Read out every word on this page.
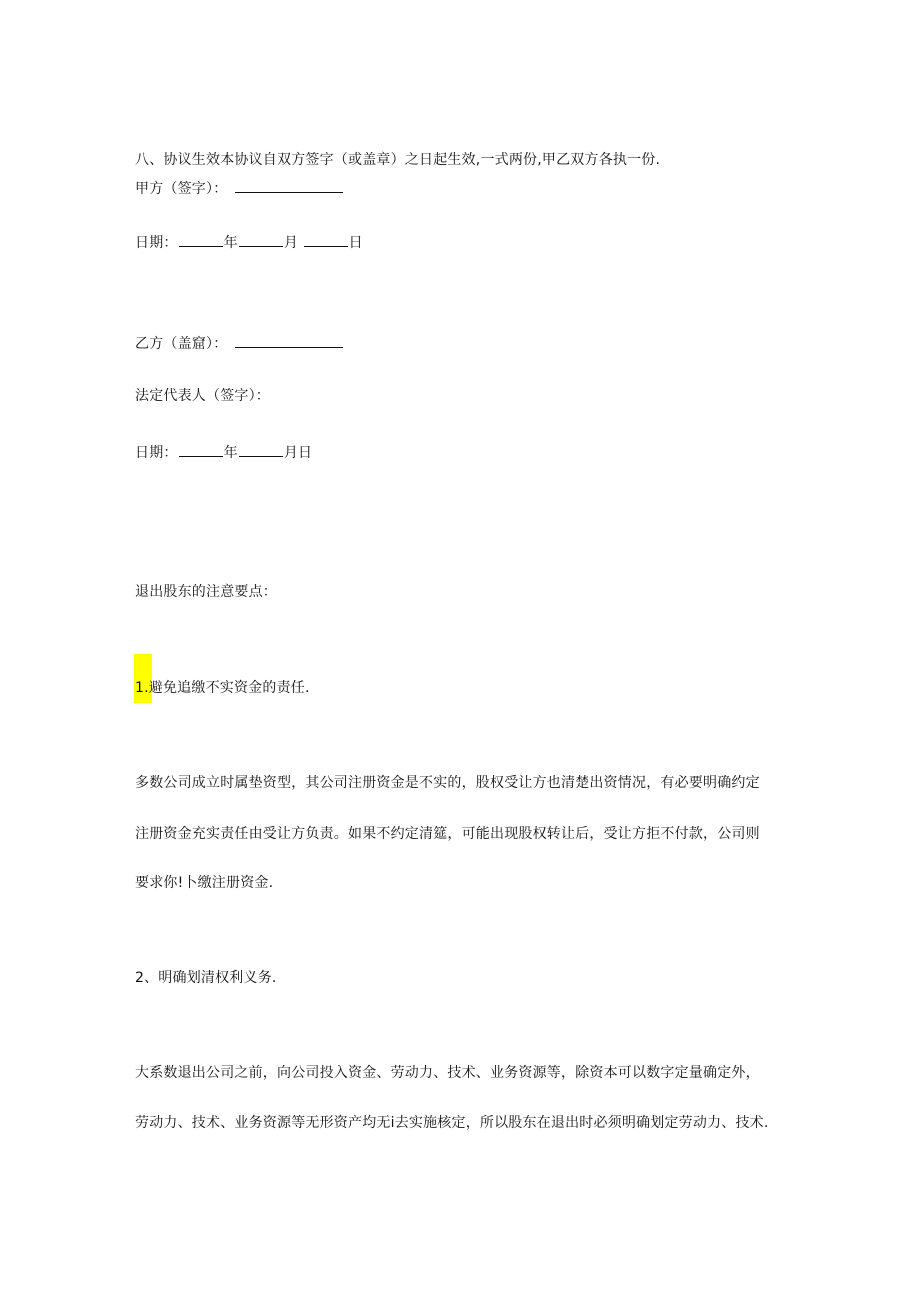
八、协议生效本协议自双方签字（或盖章）之日起生效,一式两份,甲乙双方各执一份.
甲方（签字）：
日期：	年	月	日
乙方（盖窟）：
法定代表人（签字）：
日期：	年	月日
退出股东的注意要点：
1.避免追缴不实资金的责任.
多数公司成立时属垫资型，其公司注册资金是不实的，股权受让方也清楚出资情况，有必要明确约定
注册资金充实责任由受让方负责。如果不约定清筵，可能出现股权转让后，受让方拒不付款，公司则
要求你!卜缴注册资金.
2、明确划清权利义务.
大系数退出公司之前，向公司投入资金、劳动力、技术、业务资源等，除资本可以数字定量确定外，
劳动力、技术、业务资源等无形资产均无i去实施核定，所以股东在退出时必须明确划定劳动力、技术.
